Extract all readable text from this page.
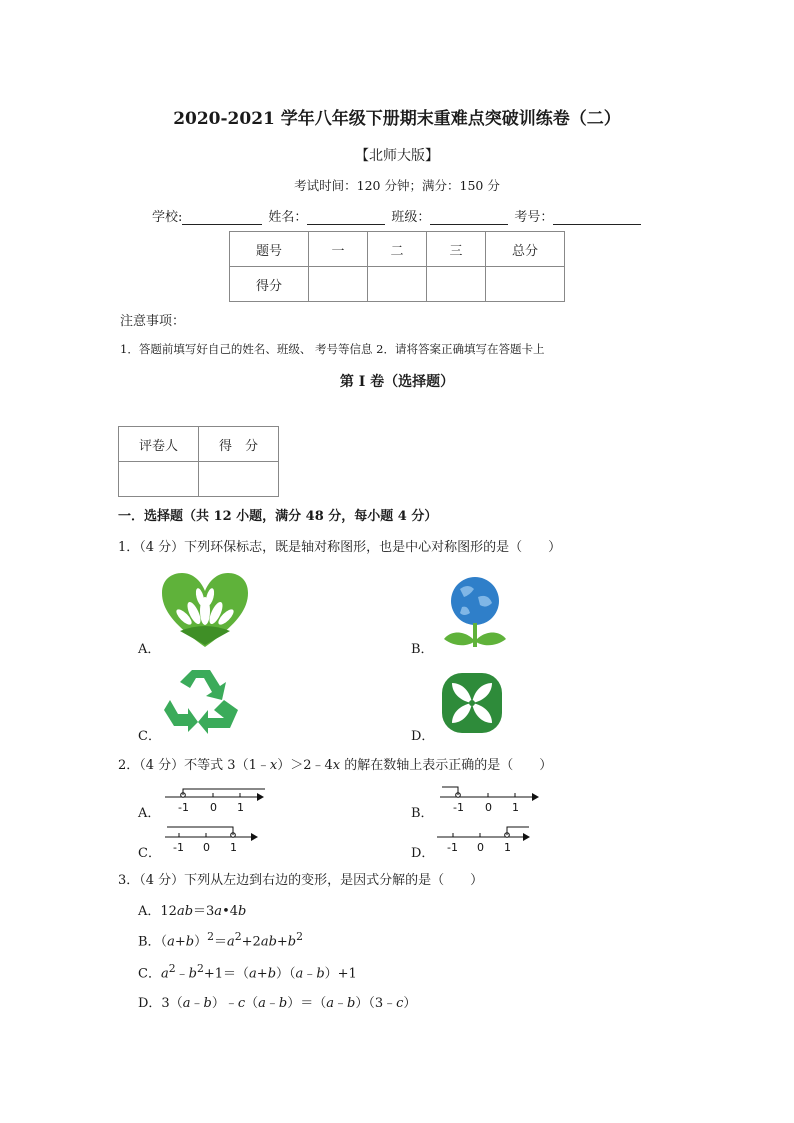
2020-2021 学年八年级下册期末重难点突破训练卷（二）
【北师大版】
考试时间：120 分钟；满分：150 分
学校:	姓名：	班级：	考号：
题号	一	二	三	总分
得分				
注意事项：
1．答题前填写好自己的姓名、班级、 考号等信息 2．请将答案正确填写在答题卡上
第 I 卷（选择题）
评卷人	得　分

一．选择题（共 12 小题，满分 48 分，每小题 4 分）
1．（4 分）下列环保标志，既是轴对称图形，也是中心对称图形的是（　　）
A．	B．
C．	D．
2．（4 分）不等式 3（1﹣x）＞2﹣4x 的解在数轴上表示正确的是（　　）
A． -1 0 1	B． -1 0 1
C． -1 0 1	D． -1 0 1
3．（4 分）下列从左边到右边的变形，是因式分解的是（　　）
A．12ab＝3a•4b
B．$(a+b)^2=a^2+2ab+b^2$
C．$a^2﹣b^2+1=(a+b)(a﹣b)+1$
D．3（a﹣b）﹣c（a﹣b）＝（a﹣b）（3﹣c）
